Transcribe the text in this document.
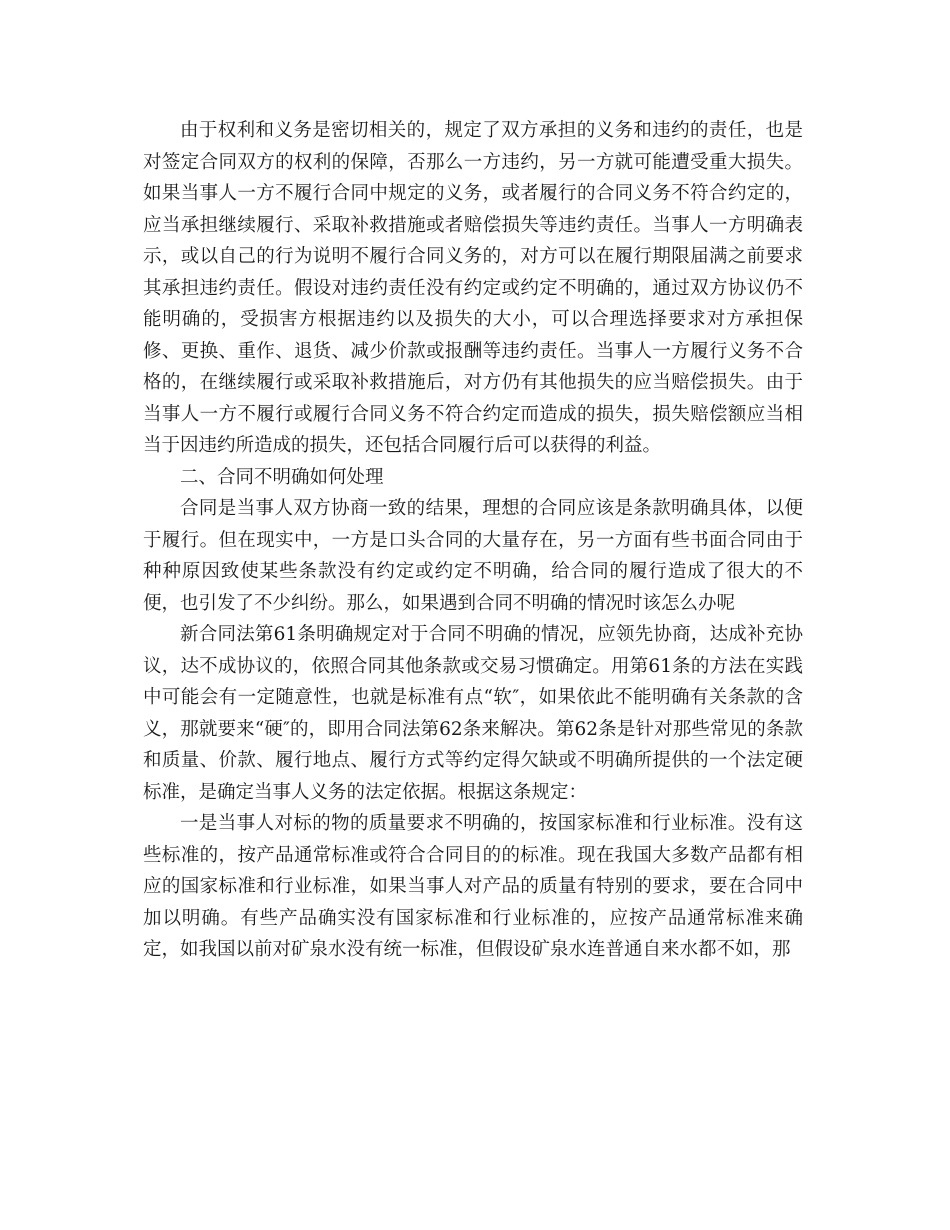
由于权利和义务是密切相关的，规定了双方承担的义务和违约的责任，也是对签定合同双方的权利的保障，否那么一方违约，另一方就可能遭受重大损失。如果当事人一方不履行合同中规定的义务，或者履行的合同义务不符合约定的，应当承担继续履行、采取补救措施或者赔偿损失等违约责任。当事人一方明确表示，或以自己的行为说明不履行合同义务的，对方可以在履行期限届满之前要求其承担违约责任。假设对违约责任没有约定或约定不明确的，通过双方协议仍不能明确的，受损害方根据违约以及损失的大小，可以合理选择要求对方承担保修、更换、重作、退货、减少价款或报酬等违约责任。当事人一方履行义务不合格的，在继续履行或采取补救措施后，对方仍有其他损失的应当赔偿损失。由于当事人一方不履行或履行合同义务不符合约定而造成的损失，损失赔偿额应当相当于因违约所造成的损失，还包括合同履行后可以获得的利益。

二、合同不明确如何处理

合同是当事人双方协商一致的结果，理想的合同应该是条款明确具体，以便于履行。但在现实中，一方是口头合同的大量存在，另一方面有些书面合同由于种种原因致使某些条款没有约定或约定不明确，给合同的履行造成了很大的不便，也引发了不少纠纷。那么，如果遇到合同不明确的情况时该怎么办呢

新合同法第61条明确规定对于合同不明确的情况，应领先协商，达成补充协议，达不成协议的，依照合同其他条款或交易习惯确定。用第61条的方法在实践中可能会有一定随意性，也就是标准有点“软″，如果依此不能明确有关条款的含义，那就要来“硬″的，即用合同法第62条来解决。第62条是针对那些常见的条款和质量、价款、履行地点、履行方式等约定得欠缺或不明确所提供的一个法定硬标准，是确定当事人义务的法定依据。根据这条规定：

一是当事人对标的物的质量要求不明确的，按国家标准和行业标准。没有这些标准的，按产品通常标准或符合合同目的的标准。现在我国大多数产品都有相应的国家标准和行业标准，如果当事人对产品的质量有特别的要求，要在合同中加以明确。有些产品确实没有国家标准和行业标准的，应按产品通常标准来确定，如我国以前对矿泉水没有统一标准，但假设矿泉水连普通自来水都不如，那
